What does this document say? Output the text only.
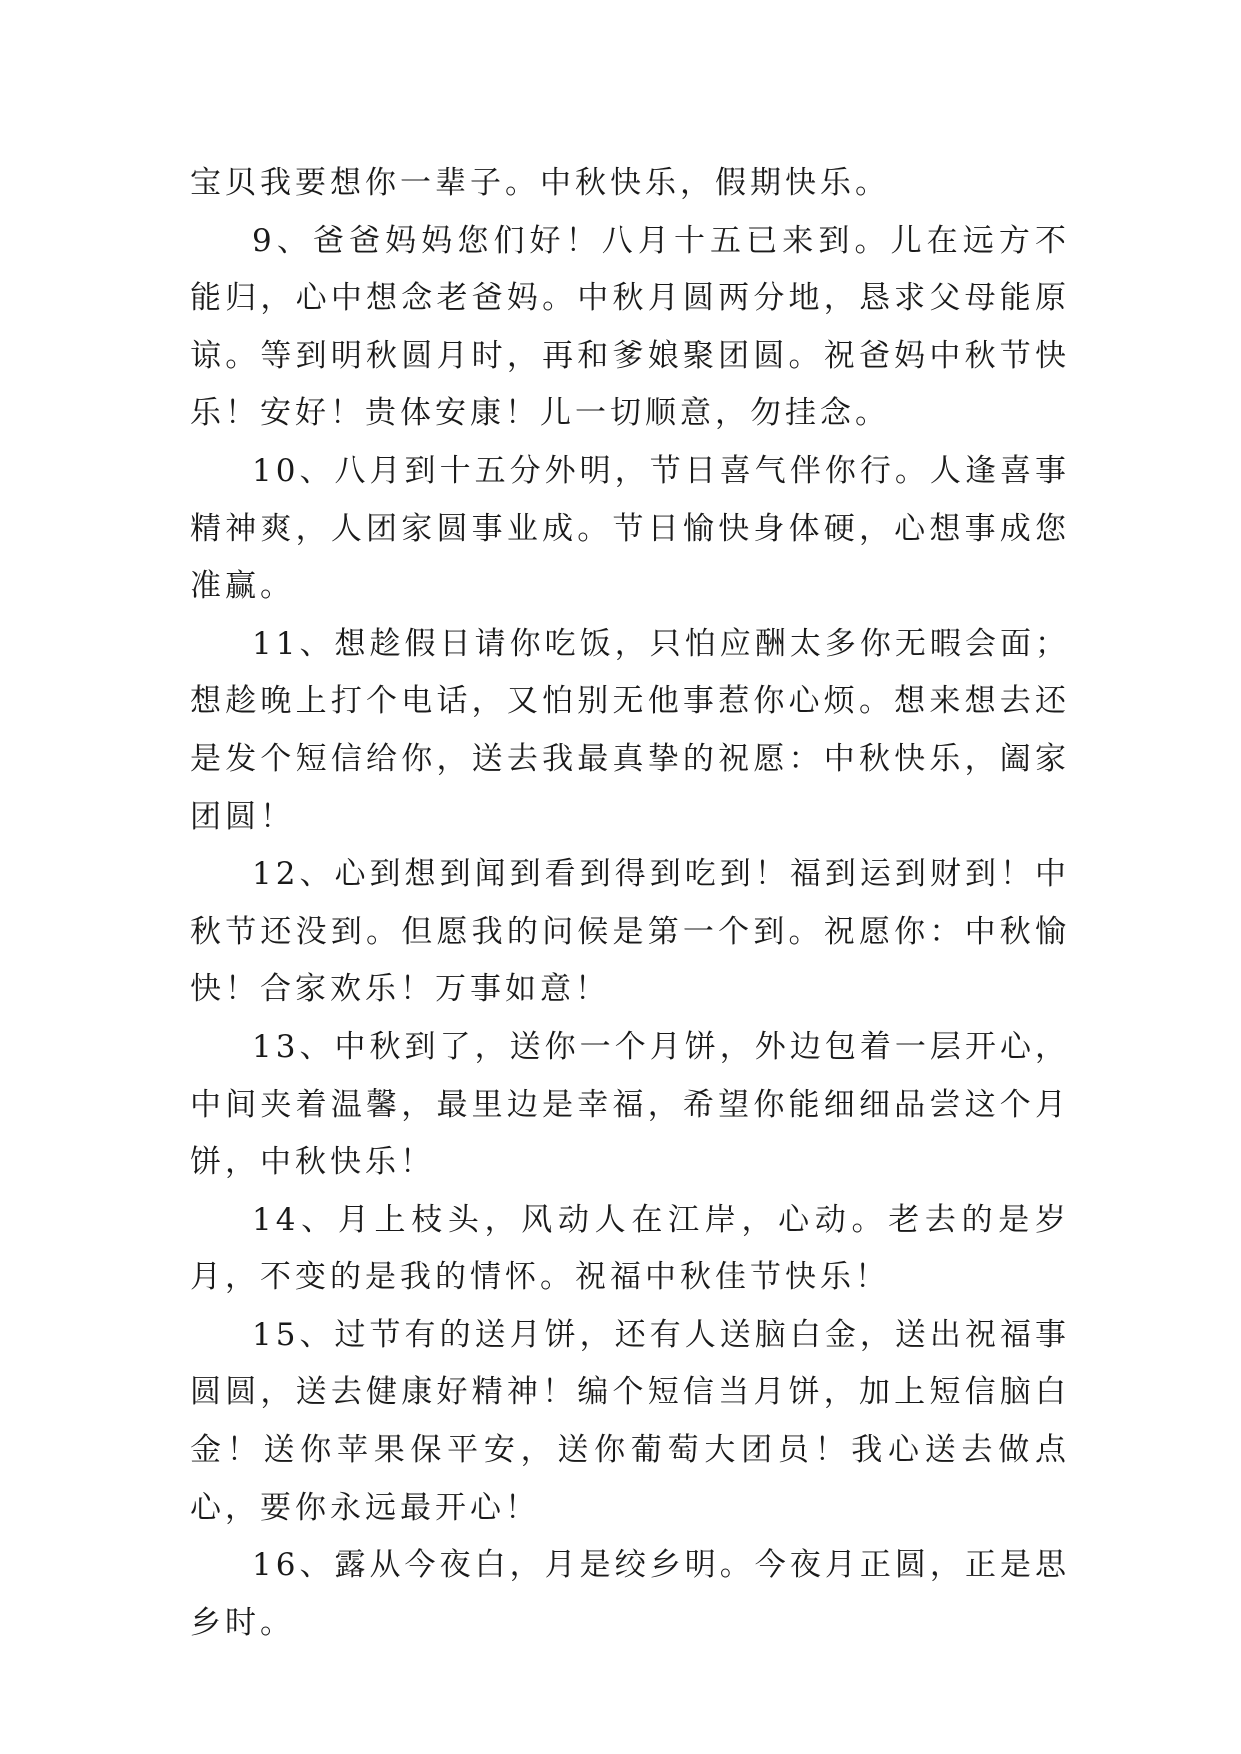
宝贝我要想你一辈子。中秋快乐，假期快乐。

9、爸爸妈妈您们好！八月十五已来到。儿在远方不能归，心中想念老爸妈。中秋月圆两分地，恳求父母能原谅。等到明秋圆月时，再和爹娘聚团圆。祝爸妈中秋节快乐！安好！贵体安康！儿一切顺意，勿挂念。

10、八月到十五分外明，节日喜气伴你行。人逢喜事精神爽，人团家圆事业成。节日愉快身体硬，心想事成您准赢。

11、想趁假日请你吃饭，只怕应酬太多你无暇会面；想趁晚上打个电话，又怕别无他事惹你心烦。想来想去还是发个短信给你，送去我最真挚的祝愿：中秋快乐，阖家团圆！

12、心到想到闻到看到得到吃到！福到运到财到！中秋节还没到。但愿我的问候是第一个到。祝愿你：中秋愉快！合家欢乐！万事如意！

13、中秋到了，送你一个月饼，外边包着一层开心，中间夹着温馨，最里边是幸福，希望你能细细品尝这个月饼，中秋快乐！

14、月上枝头，风动人在江岸，心动。老去的是岁月，不变的是我的情怀。祝福中秋佳节快乐！

15、过节有的送月饼，还有人送脑白金，送出祝福事圆圆，送去健康好精神！编个短信当月饼，加上短信脑白金！送你苹果保平安，送你葡萄大团员！我心送去做点心，要你永远最开心！

16、露从今夜白，月是绞乡明。今夜月正圆，正是思乡时。
